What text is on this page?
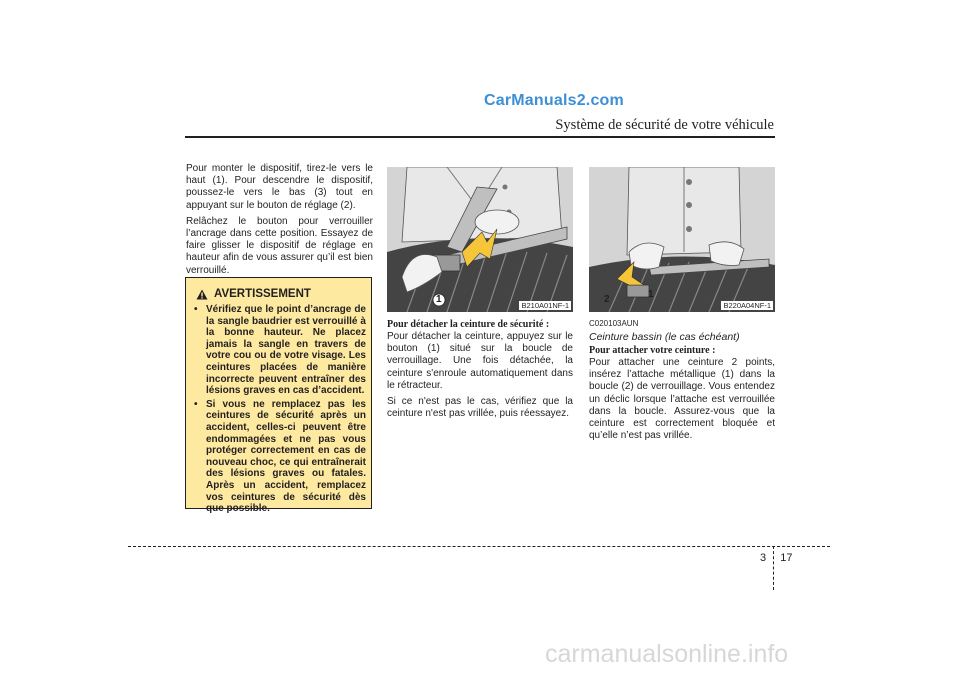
CarManuals2.com
Système de sécurité de votre véhicule

Pour monter le dispositif, tirez-le vers le haut (1). Pour descendre le dispositif, poussez-le vers le bas (3) tout en appuyant sur le bouton de réglage (2).

Relâchez le bouton pour verrouiller l’ancrage dans cette position. Essayez de faire glisser le dispositif de réglage en hauteur afin de vous assurer qu’il est bien verrouillé.

AVERTISSEMENT
• Vérifiez que le point d’ancrage de la sangle baudrier est verrouillé à la bonne hauteur. Ne placez jamais la sangle en travers de votre cou ou de votre visage. Les ceintures placées de manière incorrecte peuvent entraîner des lésions graves en cas d’accident.
• Si vous ne remplacez pas les ceintures de sécurité après un accident, celles-ci peuvent être endommagées et ne pas vous protéger correctement en cas de nouveau choc, ce qui entraînerait des lésions graves ou fatales. Après un accident, remplacez vos ceintures de sécurité dès que possible.
1
B210A01NF-1
2	1
B220A04NF-1

Pour détacher la ceinture de sécurité :

Pour détacher la ceinture, appuyez sur le bouton (1) situé sur la boucle de verrouillage. Une fois détachée, la ceinture s'enroule automatiquement dans le rétracteur.

Si ce n'est pas le cas, vérifiez que la ceinture n'est pas vrillée, puis réessayez.

C020103AUN

Ceinture bassin (le cas échéant)

Pour attacher votre ceinture :

Pour attacher une ceinture 2 points, insérez l’attache métallique (1) dans la boucle (2) de verrouillage. Vous entendez un déclic lorsque l’attache est verrouillée dans la boucle. Assurez-vous que la ceinture est correctement bloquée et qu’elle n’est pas vrillée.

3 17
carmanualsonline.info
